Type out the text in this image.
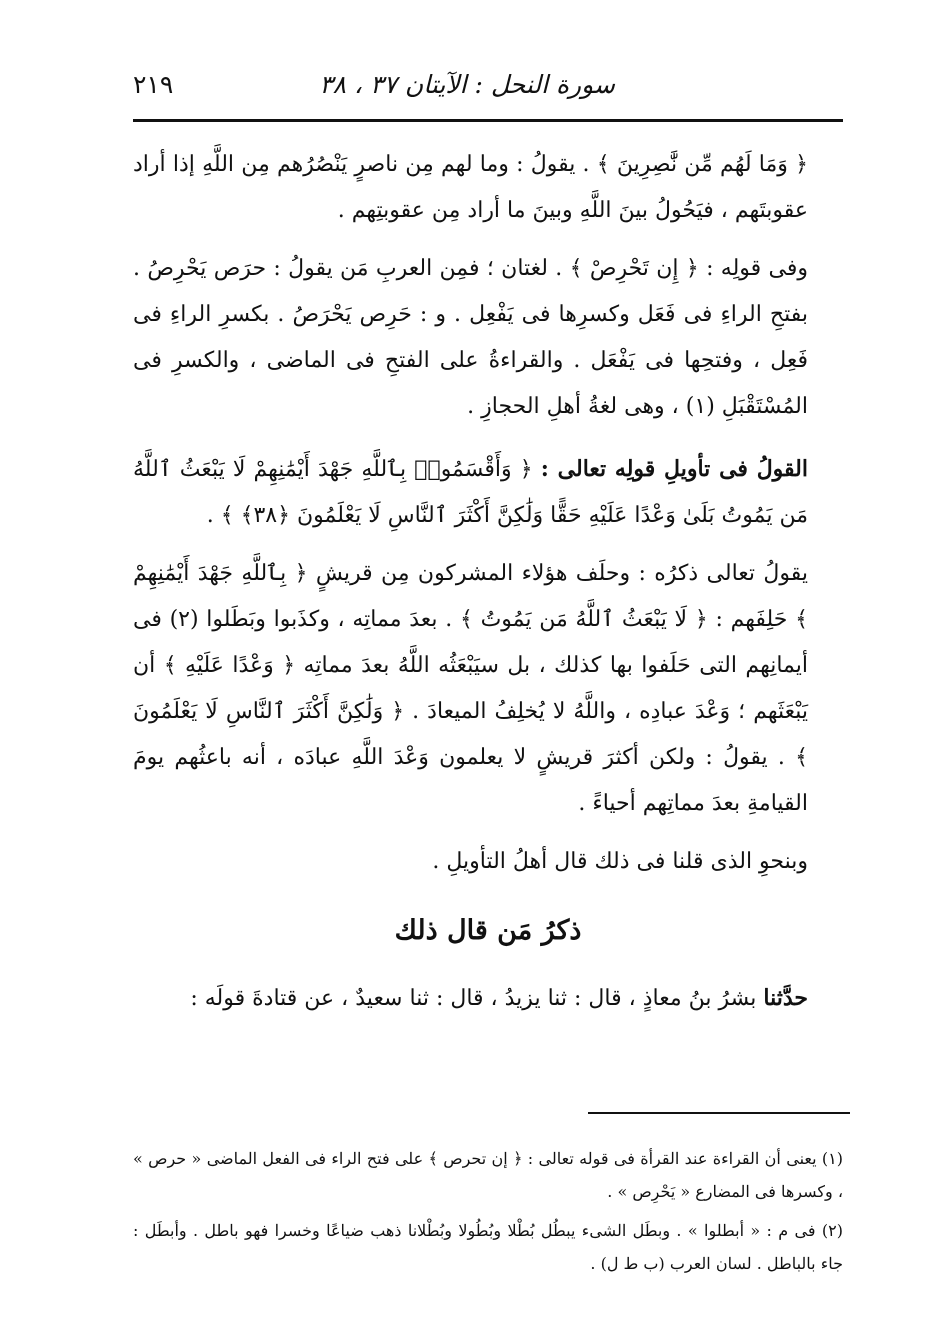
سورة النحل : الآيتان ٣٧ ، ٣٨
٢١٩

﴿ وَمَا لَهُم مِّن نَّٰصِرِينَ ﴾ . يقولُ : وما لهم مِن ناصرٍ يَنْصُرُهم مِن اللَّهِ إذا أراد عقوبتَهم ، فيَحُولُ بينَ اللَّهِ وبينَ ما أراد مِن عقوبتِهم .

وفى قولِه : ﴿ إِن تَحْرِصْ ﴾ . لغتان ؛ فمِن العربِ مَن يقولُ : حرَص يَحْرِصُ . بفتحِ الراءِ فى فَعَل وكسرِها فى يَفْعِل . و : حَرِص يَحْرَصُ . بكسرِ الراءِ فى فَعِل ، وفتحِها فى يَفْعَل . والقراءةُ على الفتحِ فى الماضى ، والكسرِ فى المُسْتَقْبَلِ (١) ، وهى لغةُ أهلِ الحجازِ .

القولُ فى تأويلِ قولِه تعالى : ﴿ وَأَقْسَمُوا۟ بِٱللَّهِ جَهْدَ أَيْمَٰنِهِمْ لَا يَبْعَثُ ٱللَّهُ مَن يَمُوتُ بَلَىٰ وَعْدًا عَلَيْهِ حَقًّا وَلَٰكِنَّ أَكْثَرَ ٱلنَّاسِ لَا يَعْلَمُونَ ﴿٣٨﴾ ﴾ .

يقولُ تعالى ذكرُه : وحلَف هؤلاء المشركون مِن قريشٍ ﴿ بِٱللَّهِ جَهْدَ أَيْمَٰنِهِمْ ﴾ حَلِفَهم : ﴿ لَا يَبْعَثُ ٱللَّهُ مَن يَمُوتُ ﴾ . بعدَ مماتِه ، وكذَبوا وبَطَلوا (٢) فى أيمانِهم التى حَلَفوا بها كذلك ، بل سيَبْعَثُه اللَّهُ بعدَ مماتِه ﴿ وَعْدًا عَلَيْهِ ﴾ أن يَبْعَثَهم ؛ وَعْدَ عبادِه ، واللَّهُ لا يُخلِفُ الميعادَ . ﴿ وَلَٰكِنَّ أَكْثَرَ ٱلنَّاسِ لَا يَعْلَمُونَ ﴾ . يقولُ : ولكن أكثرَ قريشٍ لا يعلمون وَعْدَ اللَّهِ عبادَه ، أنه باعثُهم يومَ القيامةِ بعدَ مماتِهم أحياءً .

وبنحوِ الذى قلنا فى ذلك قال أهلُ التأويلِ .

ذكرُ مَن قال ذلك

حدَّثنا بشرُ بنُ معاذٍ ، قال : ثنا يزيدُ ، قال : ثنا سعيدٌ ، عن قتادةَ قولَه :

(١) يعنى أن القراءة عند القرأة فى قوله تعالى : ﴿ إن تحرص ﴾ على فتح الراء فى الفعل الماضى « حرص » ، وكسرها فى المضارع « يَحْرِص » .

(٢) فى م : « أبطلوا » . وبطَل الشىء يبطُل بُطْلا وبُطُولا وبُطْلانا ذهب ضياعًا وخسرا فهو باطل . وأبطَل : جاء بالباطل . لسان العرب (ب ط ل) .
